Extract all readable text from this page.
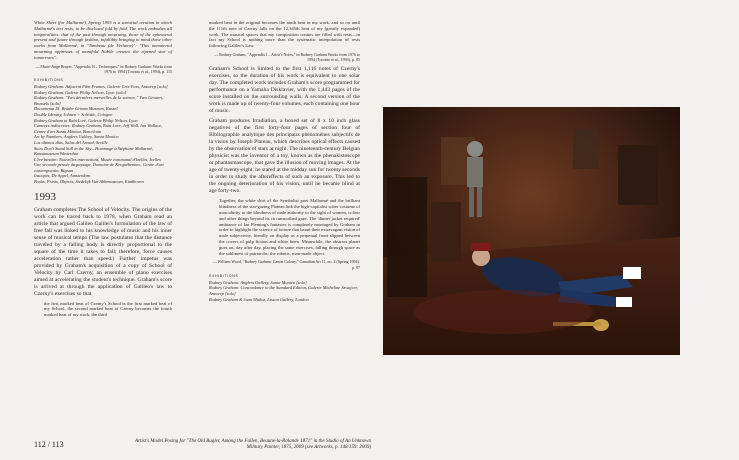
White Sheet (for Mallarmé), Spring 1993 is a sartorial creation in which Mallarmé's text rests, to be disclosed fold by fold. The work embodies all temporalities: that of the past through mourning, those of the ephemeral present and future through fashion, infallibly bringing to mind those other works from Mallarmé, in "Tombeau (de Verlaine)": "This immaterial mourning oppresses of manifold Nubile creases the ripened star of tomorrows".

— Marie-Ange Brayer, "Appendix II – Techniques," in Rodney Graham: Works from 1976 to 1994 (Toronto et al., 1994), p. 115
EXHIBITIONS
Rodney Graham: Adjacent Film Frames, Galerie Cris-Foss, Antwerp [solo]
Rodney Graham, Galerie Philip Nelson, Lyon [solo]
Rodney Graham: "Yves dernières merveilles de la science," Yves Gevaert, Brussels [solo]
Documenta IX, Brüder Grimm Museum, Kassel
Double Identity, Johnen + Schöttle, Cologne
Rodney Graham at Rain Lore, Galerie Philip Nelson, Lyon
Cameres indiscretes: Rodney Graham, Rain Lore, Jeff Wall, Ian Wallace, Centre d'art Santa Mònica, Barcelona
Art by Numbers, Anglers Gallery, Santa Monica
Los últimos días, Salas del Arenal, Seville
Stars Don't Stand Still in the Sky—Hommage à Stéphane Mallarmé, Kunstmuseum Winterthur
L'ère binaire: Nouvelles interactions, Musée communal d'Ixelles, Ixelles
Une seconde pensée du paysage, Domaine de Kerguéhennec, Centre d'art contemporain, Bignan
Inscapes, De Appel, Amsterdam
Books, Prints, Objects, Stedelijk Van Abbemuseum, Eindhoven
1993

Graham completes The School of Velocity. The origins of the work can be traced back to 1978, when Graham read an article that argued Galileo Galilei's formulation of the law of free fall was linked to his knowledge of music and his inner sense of musical tempo (The law postulates that the distance traveled by a falling body is directly proportional to the square of the time it takes to fall; therefore, force causes acceleration rather than speed.) Further impetus was provided by Graham's acquisition of a copy of School of Velocity by Carl Czerny, an ensemble of piano exercises aimed at accelerating the student's technique. Graham's score is arrived at through the application of Galileo's law to Czerny's exercises so that

the first marked beat of Czerny's School is the first marked beat of my School, the second marked beat of Czerny becomes the fourth marked beat of my work, the third

marked beat in the original becomes the ninth beat in my work, and so on until the 111th note of Czerny falls on the 12,345th beat of my (greatly expanded) work. The musical spaces that my composition creates are filled with rests—in fact my School is nothing more than the systematic interpolation of rests following Galileo's Law.

— Rodney Graham, "Appendix I – Artist's Notes," in Rodney Graham Works from 1976 to 1994 (Toronto et al., 1994), p. 85

Graham's School is limited to the first 1,116 notes of Czerny's exercises, so the duration of his work is equivalent to one solar day. The completed work includes Graham's score programmed for performance on a Yamaha Disklavier, with the 1,443 pages of the score installed on the surrounding walls. A second version of the work is made up of twenty-four volumes, each containing one hour of music.

Graham produces Irradiation, a boxed set of 8 x 10 inch glass negatives of the first forty-four pages of section four of Bibliographie analytique des principaux phénomènes subjectifs de la vision by Joseph Plateau, which describes optical effects caused by the observation of stars at night. The nineteenth-century Belgian physicist was the inventor of a toy, known as the phenakistoscope or phantasmascope, that gave the illusion of moving images. At the age of twenty-eight, he stared at the midday sun for twenty seconds in order to study the aftereffects of such an exposure. This led to the ongoing deterioration of his vision, until he became blind at age forty-two.

Together, the white shirt of the Symbolist poet Mallarmé and the brilliant blindness of the star-gazing Plateau link the high-capitalist sober costume of masculinity to the blindness of male authority to the sight of women, colour and other things beyond its circumscribed gaze. The 'dinner jacket required' ambiance of Ian Fleming's fantasies is completely montaged by Graham in order to highlight the science of torture that haunt their extravagant vision of male subjectivity, literally on display as a perpetual front slipped between the covers of pulp fiction and white linen. Meanwhile, the abstract planet goes on, day after day, placing the same exercises, falling through space as the sublimest of patriarchs: the robotic, man-made object.

— William Wood, "Rodney Graham: Canon Colony," Canadian Art 11, no. 2 (Spring 1994): p. 87
EXHIBITIONS
Rodney Graham: Anglers Gallery, Santa Monica [solo]
Rodney Graham: Concordance to the Standard Edition, Galerie Micheline Szwajcer, Antwerp [solo]
Rodney Graham & Juan Muñoz, Lisson Gallery, London
112 / 113	Artist's Model Posing for "The Old Bugler, Among the Fallen, Beaune-la-Rolande 1871" in the Studio of An Unknown Military Painter, 1875, 2009 (see Artworks, p. 148/159: 2009)
